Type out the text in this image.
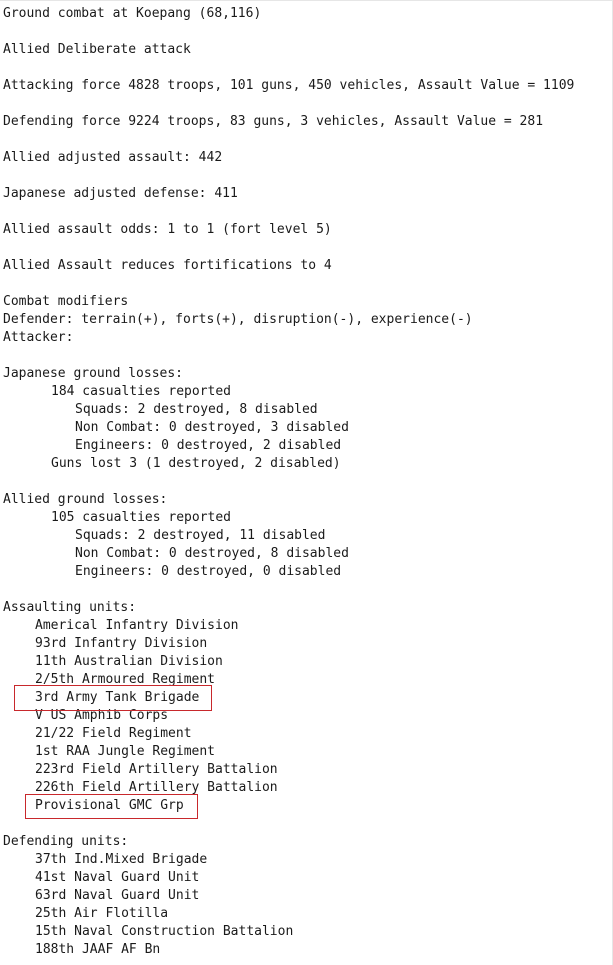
Ground combat at Koepang (68,116)

Allied Deliberate attack

Attacking force 4828 troops, 101 guns, 450 vehicles, Assault Value = 1109

Defending force 9224 troops, 83 guns, 3 vehicles, Assault Value = 281

Allied adjusted assault: 442

Japanese adjusted defense: 411

Allied assault odds: 1 to 1 (fort level 5)

Allied Assault reduces fortifications to 4

Combat modifiers

Defender: terrain(+), forts(+), disruption(-), experience(-)

Attacker:

Japanese ground losses:

184 casualties reported

Squads: 2 destroyed, 8 disabled

Non Combat: 0 destroyed, 3 disabled

Engineers: 0 destroyed, 2 disabled

Guns lost 3 (1 destroyed, 2 disabled)

Allied ground losses:

105 casualties reported

Squads: 2 destroyed, 11 disabled

Non Combat: 0 destroyed, 8 disabled

Engineers: 0 destroyed, 0 disabled

Assaulting units:

Americal Infantry Division

93rd Infantry Division

11th Australian Division

2/5th Armoured Regiment

3rd Army Tank Brigade

V US Amphib Corps

21/22 Field Regiment

1st RAA Jungle Regiment

223rd Field Artillery Battalion

226th Field Artillery Battalion

Provisional GMC Grp

Defending units:

37th Ind.Mixed Brigade

41st Naval Guard Unit

63rd Naval Guard Unit

25th Air Flotilla

15th Naval Construction Battalion

188th JAAF AF Bn
